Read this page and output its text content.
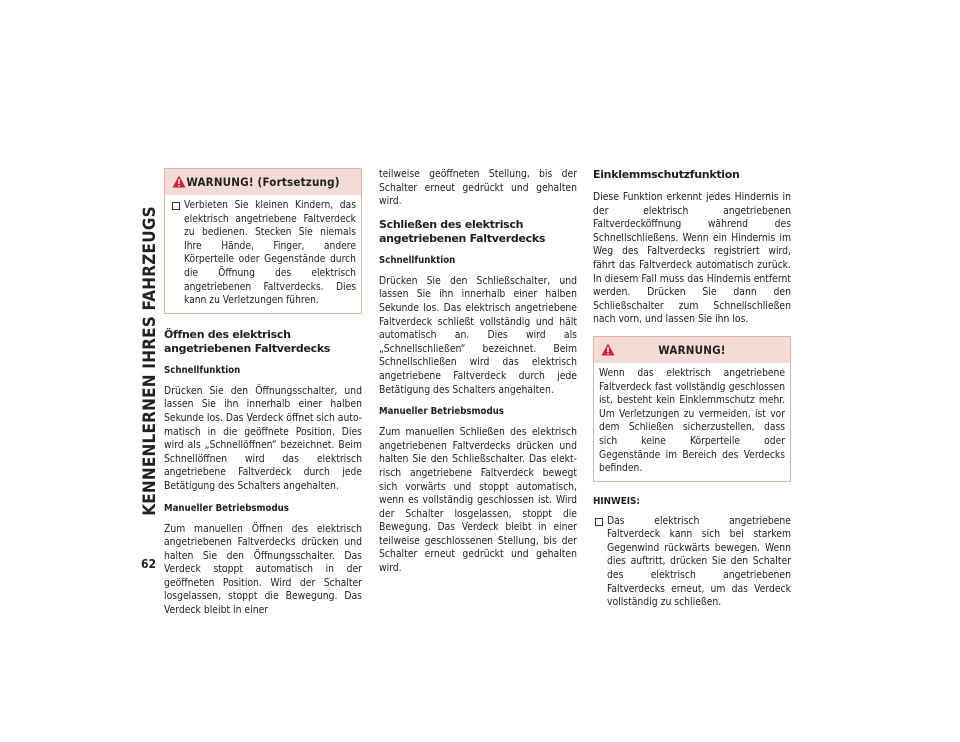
KENNENLERNEN IHRES FAHRZEUGS
62
WARNUNG! (Fortsetzung)
Verbieten Sie kleinen Kindern, das elektrisch angetriebene Faltverdeck zu bedienen. Stecken Sie niemals Ihre Hände, Finger, andere Körperteile oder Gegenstände durch die Öffnung des elektrisch angetriebenen Faltverdecks. Dies kann zu Verletzungen führen.
Öffnen des elektrisch angetriebenen Faltverdecks
Schnellfunktion
Drücken Sie den Öffnungsschalter, und lassen Sie ihn innerhalb einer halben Sekunde los. Das Verdeck öffnet sich automatisch in die geöffnete Position. Dies wird als „Schnellöffnen“ bezeichnet. Beim Schnellöffnen wird das elektrisch angetriebene Faltverdeck durch jede Betätigung des Schalters angehalten.
Manueller Betriebsmodus
Zum manuellen Öffnen des elektrisch angetriebenen Faltverdecks drücken und halten Sie den Öffnungsschalter. Das Verdeck stoppt automatisch in der geöffneten Position. Wird der Schalter losgelassen, stoppt die Bewegung. Das Verdeck bleibt in einer
teilweise geöffneten Stellung, bis der Schalter erneut gedrückt und gehalten wird.
Schließen des elektrisch angetriebenen Faltverdecks
Schnellfunktion
Drücken Sie den Schließschalter, und lassen Sie ihn innerhalb einer halben Sekunde los. Das elektrisch angetriebene Faltverdeck schließt vollständig und hält automatisch an. Dies wird als „Schnellschließen“ bezeichnet. Beim Schnellschließen wird das elektrisch angetriebene Faltverdeck durch jede Betätigung des Schalters angehalten.
Manueller Betriebsmodus
Zum manuellen Schließen des elektrisch angetriebenen Faltverdecks drücken und halten Sie den Schließschalter. Das elektrisch angetriebene Faltverdeck bewegt sich vorwärts und stoppt automatisch, wenn es vollständig geschlossen ist. Wird der Schalter losgelassen, stoppt die Bewegung. Das Verdeck bleibt in einer teilweise geschlossenen Stellung, bis der Schalter erneut gedrückt und gehalten wird.
Einklemmschutzfunktion
Diese Funktion erkennt jedes Hindernis in der elektrisch angetriebenen Faltverdecköffnung während des Schnellschließens. Wenn ein Hindernis im Weg des Faltverdecks registriert wird, fährt das Faltverdeck automatisch zurück. In diesem Fall muss das Hindernis entfernt werden. Drücken Sie dann den Schließschalter zum Schnellschließen nach vorn, und lassen Sie ihn los.
WARNUNG!
Wenn das elektrisch angetriebene Faltverdeck fast vollständig geschlossen ist, besteht kein Einklemmschutz mehr. Um Verletzungen zu vermeiden, ist vor dem Schließen sicherzustellen, dass sich keine Körperteile oder Gegenstände im Bereich des Verdecks befinden.
HINWEIS:
Das elektrisch angetriebene Faltverdeck kann sich bei starkem Gegenwind rückwärts bewegen. Wenn dies auftritt, drücken Sie den Schalter des elektrisch angetriebenen Faltverdecks erneut, um das Verdeck vollständig zu schließen.
